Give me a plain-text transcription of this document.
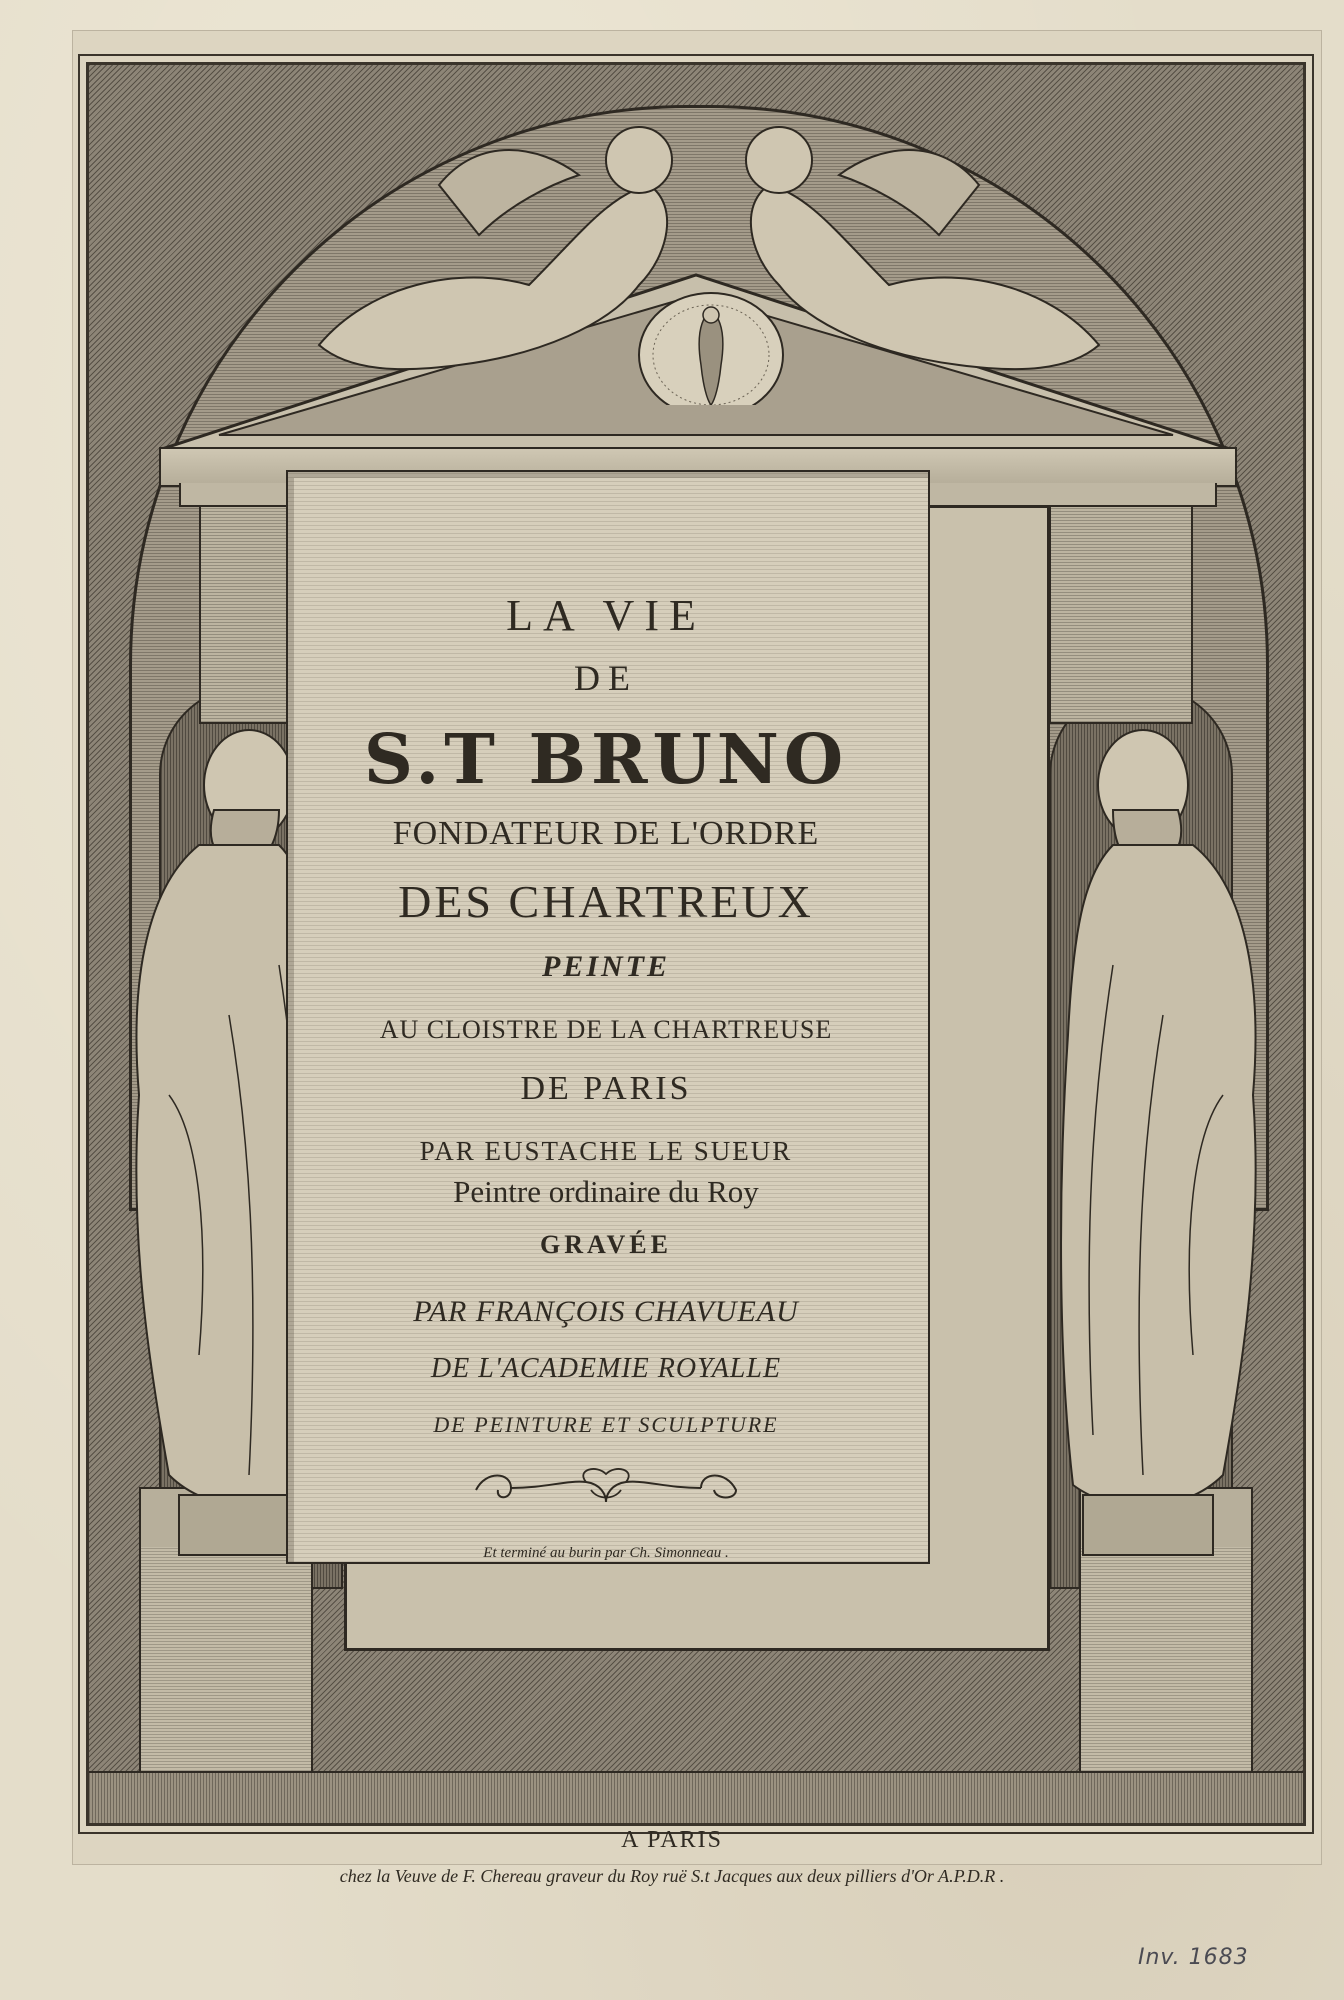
LA VIE
DE
S.T BRUNO
FONDATEUR DE L'ORDRE
DES CHARTREUX
PEINTE
AU CLOISTRE DE LA CHARTREUSE
DE PARIS
PAR EUSTACHE LE SUEUR
Peintre ordinaire du Roy
GRAVÉE
PAR FRANÇOIS CHAVUEAU
DE L'ACADEMIE ROYALLE
DE PEINTURE ET SCULPTURE
Et terminé au burin par Ch. Simonneau .
A PARIS
chez la Veuve de F. Chereau graveur du Roy ruë S.t Jacques aux deux pilliers d'Or A.P.D.R .
Inv. 1683
